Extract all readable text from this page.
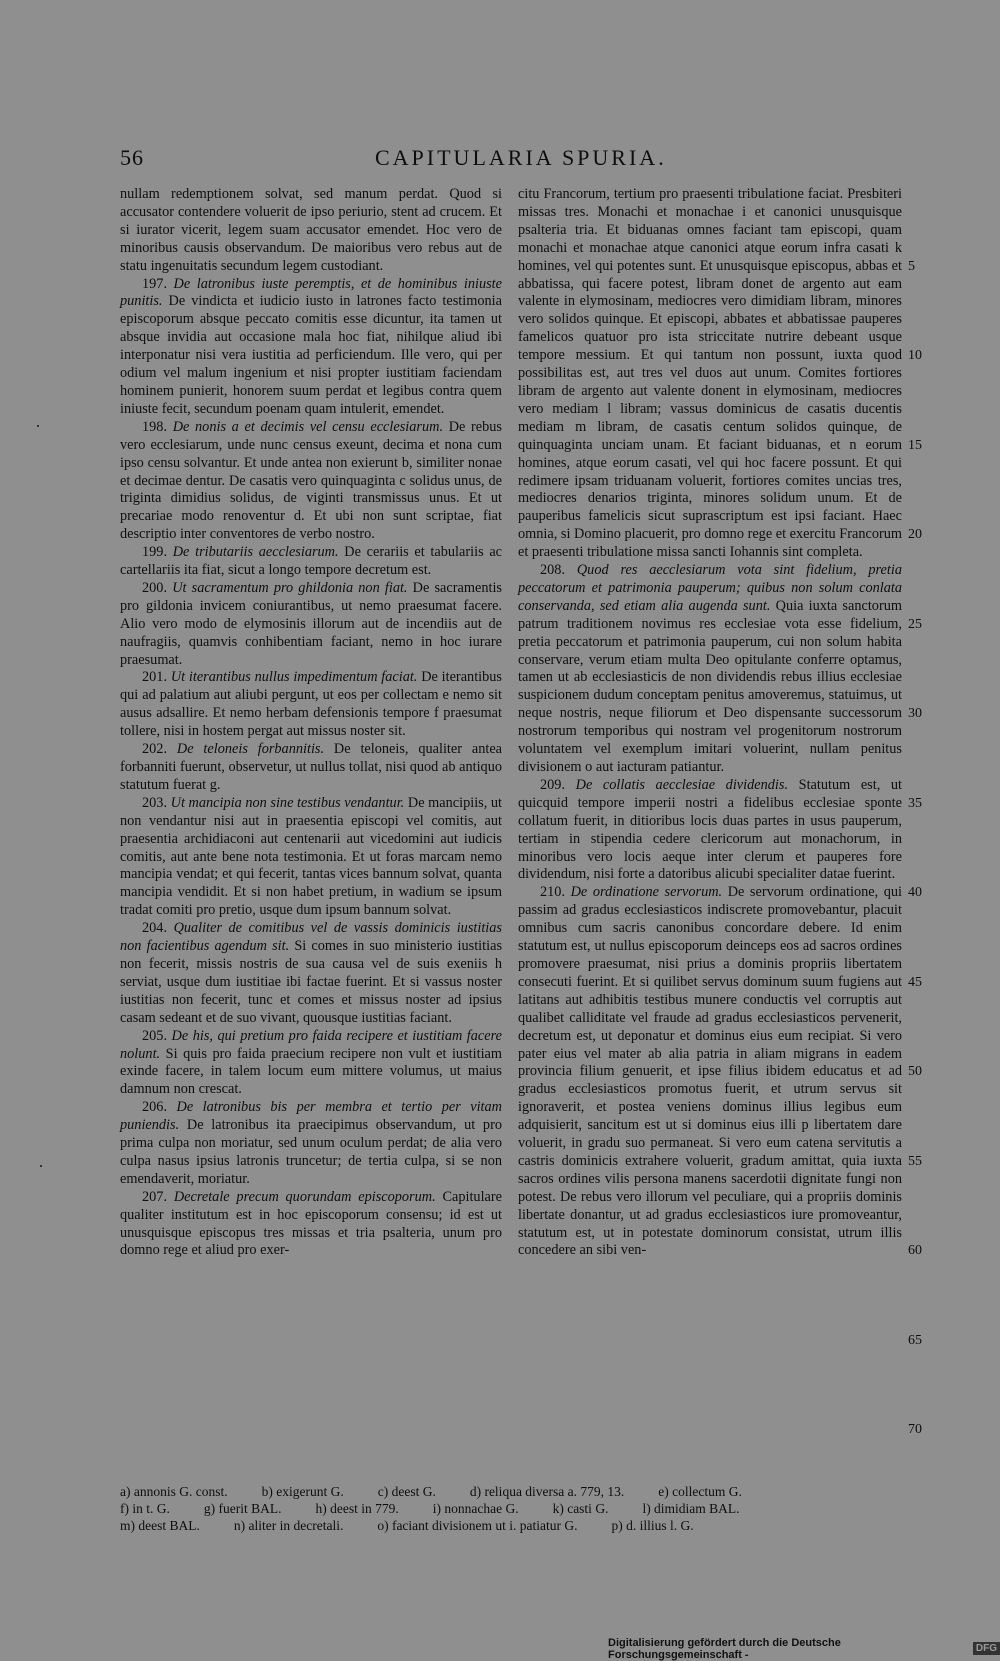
56	CAPITULARIA SPURIA.

nullam redemptionem solvat, sed manum perdat. Quod si accusator contendere voluerit de ipso periurio, stent ad crucem. Et si iurator vicerit, legem suam accusator emendet. Hoc vero de minoribus causis observandum. De maioribus vero rebus aut de statu ingenuitatis secundum legem custodiant.

197. De latronibus iuste peremptis, et de hominibus iniuste punitis. De vindicta et iudicio iusto in latrones facto testimonia episcoporum absque peccato comitis esse dicuntur, ita tamen ut absque invidia aut occasione mala hoc fiat, nihilque aliud ibi interponatur nisi vera iustitia ad perficiendum. Ille vero, qui per odium vel malum ingenium et nisi propter iustitiam faciendam hominem punierit, honorem suum perdat et legibus contra quem iniuste fecit, secundum poenam quam intulerit, emendet.

198. De nonis a et decimis vel censu ecclesiarum. De rebus vero ecclesiarum, unde nunc census exeunt, decima et nona cum ipso censu solvantur. Et unde antea non exierunt b, similiter nonae et decimae dentur. De casatis vero quinquaginta c solidus unus, de triginta dimidius solidus, de viginti transmissus unus. Et ut precariae modo renoventur d. Et ubi non sunt scriptae, fiat descriptio inter conventores de verbo nostro.

199. De tributariis aecclesiarum. De cerariis et tabulariis ac cartellariis ita fiat, sicut a longo tempore decretum est.

200. Ut sacramentum pro ghildonia non fiat. De sacramentis pro gildonia invicem coniurantibus, ut nemo praesumat facere. Alio vero modo de elymosinis illorum aut de incendiis aut de naufragiis, quamvis conhibentiam faciant, nemo in hoc iurare praesumat.

201. Ut iterantibus nullus impedimentum faciat. De iterantibus qui ad palatium aut aliubi pergunt, ut eos per collectam e nemo sit ausus adsallire. Et nemo herbam defensionis tempore f praesumat tollere, nisi in hostem pergat aut missus noster sit.

202. De teloneis forbannitis. De teloneis, qualiter antea forbanniti fuerunt, observetur, ut nullus tollat, nisi quod ab antiquo statutum fuerat g.

203. Ut mancipia non sine testibus vendantur. De mancipiis, ut non vendantur nisi aut in praesentia episcopi vel comitis, aut praesentia archidiaconi aut centenarii aut vicedomini aut iudicis comitis, aut ante bene nota testimonia. Et ut foras marcam nemo mancipia vendat; et qui fecerit, tantas vices bannum solvat, quanta mancipia vendidit. Et si non habet pretium, in wadium se ipsum tradat comiti pro pretio, usque dum ipsum bannum solvat.

204. Qualiter de comitibus vel de vassis dominicis iustitias non facientibus agendum sit. Si comes in suo ministerio iustitias non fecerit, missis nostris de sua causa vel de suis exeniis h serviat, usque dum iustitiae ibi factae fuerint. Et si vassus noster iustitias non fecerit, tunc et comes et missus noster ad ipsius casam sedeant et de suo vivant, quousque iustitias faciant.

205. De his, qui pretium pro faida recipere et iustitiam facere nolunt. Si quis pro faida praecium recipere non vult et iustitiam exinde facere, in talem locum eum mittere volumus, ut maius damnum non crescat.

206. De latronibus bis per membra et tertio per vitam puniendis. De latronibus ita praecipimus observandum, ut pro prima culpa non moriatur, sed unum oculum perdat; de alia vero culpa nasus ipsius latronis truncetur; de tertia culpa, si se non emendaverit, moriatur.

207. Decretale precum quorundam episcoporum. Capitulare qualiter institutum est in hoc episcoporum consensu; id est ut unusquisque episcopus tres missas et tria psalteria, unum pro domno rege et aliud pro exer-

citu Francorum, tertium pro praesenti tribulatione faciat. Presbiteri missas tres. Monachi et monachae i et canonici unusquisque psalteria tria. Et biduanas omnes faciant tam episcopi, quam monachi et monachae atque canonici atque eorum infra casati k homines, vel qui potentes sunt. Et unusquisque episcopus, abbas et abbatissa, qui facere potest, libram donet de argento aut eam valente in elymosinam, mediocres vero dimidiam libram, minores vero solidos quinque. Et episcopi, abbates et abbatissae pauperes famelicos quatuor pro ista striccitate nutrire debeant usque tempore messium. Et qui tantum non possunt, iuxta quod possibilitas est, aut tres vel duos aut unum. Comites fortiores libram de argento aut valente donent in elymosinam, mediocres vero mediam l libram; vassus dominicus de casatis ducentis mediam m libram, de casatis centum solidos quinque, de quinquaginta unciam unam. Et faciant biduanas, et n eorum homines, atque eorum casati, vel qui hoc facere possunt. Et qui redimere ipsam triduanam voluerit, fortiores comites uncias tres, mediocres denarios triginta, minores solidum unum. Et de pauperibus famelicis sicut suprascriptum est ipsi faciant. Haec omnia, si Domino placuerit, pro domno rege et exercitu Francorum et praesenti tribulatione missa sancti Iohannis sint completa.

208. Quod res aecclesiarum vota sint fidelium, pretia peccatorum et patrimonia pauperum; quibus non solum conlata conservanda, sed etiam alia augenda sunt. Quia iuxta sanctorum patrum traditionem novimus res ecclesiae vota esse fidelium, pretia peccatorum et patrimonia pauperum, cui non solum habita conservare, verum etiam multa Deo opitulante conferre optamus, tamen ut ab ecclesiasticis de non dividendis rebus illius ecclesiae suspicionem dudum conceptam penitus amoveremus, statuimus, ut neque nostris, neque filiorum et Deo dispensante successorum nostrorum temporibus qui nostram vel progenitorum nostrorum voluntatem vel exemplum imitari voluerint, nullam penitus divisionem o aut iacturam patiantur.

209. De collatis aecclesiae dividendis. Statutum est, ut quicquid tempore imperii nostri a fidelibus ecclesiae sponte collatum fuerit, in ditioribus locis duas partes in usus pauperum, tertiam in stipendia cedere clericorum aut monachorum, in minoribus vero locis aeque inter clerum et pauperes fore dividendum, nisi forte a datoribus alicubi specialiter datae fuerint.

210. De ordinatione servorum. De servorum ordinatione, qui passim ad gradus ecclesiasticos indiscrete promovebantur, placuit omnibus cum sacris canonibus concordare debere. Id enim statutum est, ut nullus episcoporum deinceps eos ad sacros ordines promovere praesumat, nisi prius a dominis propriis libertatem consecuti fuerint. Et si quilibet servus dominum suum fugiens aut latitans aut adhibitis testibus munere conductis vel corruptis aut qualibet calliditate vel fraude ad gradus ecclesiasticos pervenerit, decretum est, ut deponatur et dominus eius eum recipiat. Si vero pater eius vel mater ab alia patria in aliam migrans in eadem provincia filium genuerit, et ipse filius ibidem educatus et ad gradus ecclesiasticos promotus fuerit, et utrum servus sit ignoraverit, et postea veniens dominus illius legibus eum adquisierit, sancitum est ut si dominus eius illi p libertatem dare voluerit, in gradu suo permaneat. Si vero eum catena servitutis a castris dominicis extrahere voluerit, gradum amittat, quia iuxta sacros ordines vilis persona manens sacerdotii dignitate fungi non potest. De rebus vero illorum vel peculiare, qui a propriis dominis libertate donantur, ut ad gradus ecclesiasticos iure promoveantur, statutum est, ut in potestate dominorum consistat, utrum illis concedere an sibi ven-

5
10
15
20
25
30
35
40
45
50
55
60
65
70
a) annonis G. const.	b) exigerunt G.	c) deest G.	d) reliqua diversa a. 779, 13.	e) collectum G.
f) in t. G.	g) fuerit BAL.	h) deest in 779.	i) nonnachae G.	k) casti G.	l) dimidiam BAL.
m) deest BAL.	n) aliter in decretali.	o) faciant divisionem ut i. patiatur G.	p) d. illius l. G.
Digitalisierung gefördert durch die Deutsche Forschungsgemeinschaft -	DFG
